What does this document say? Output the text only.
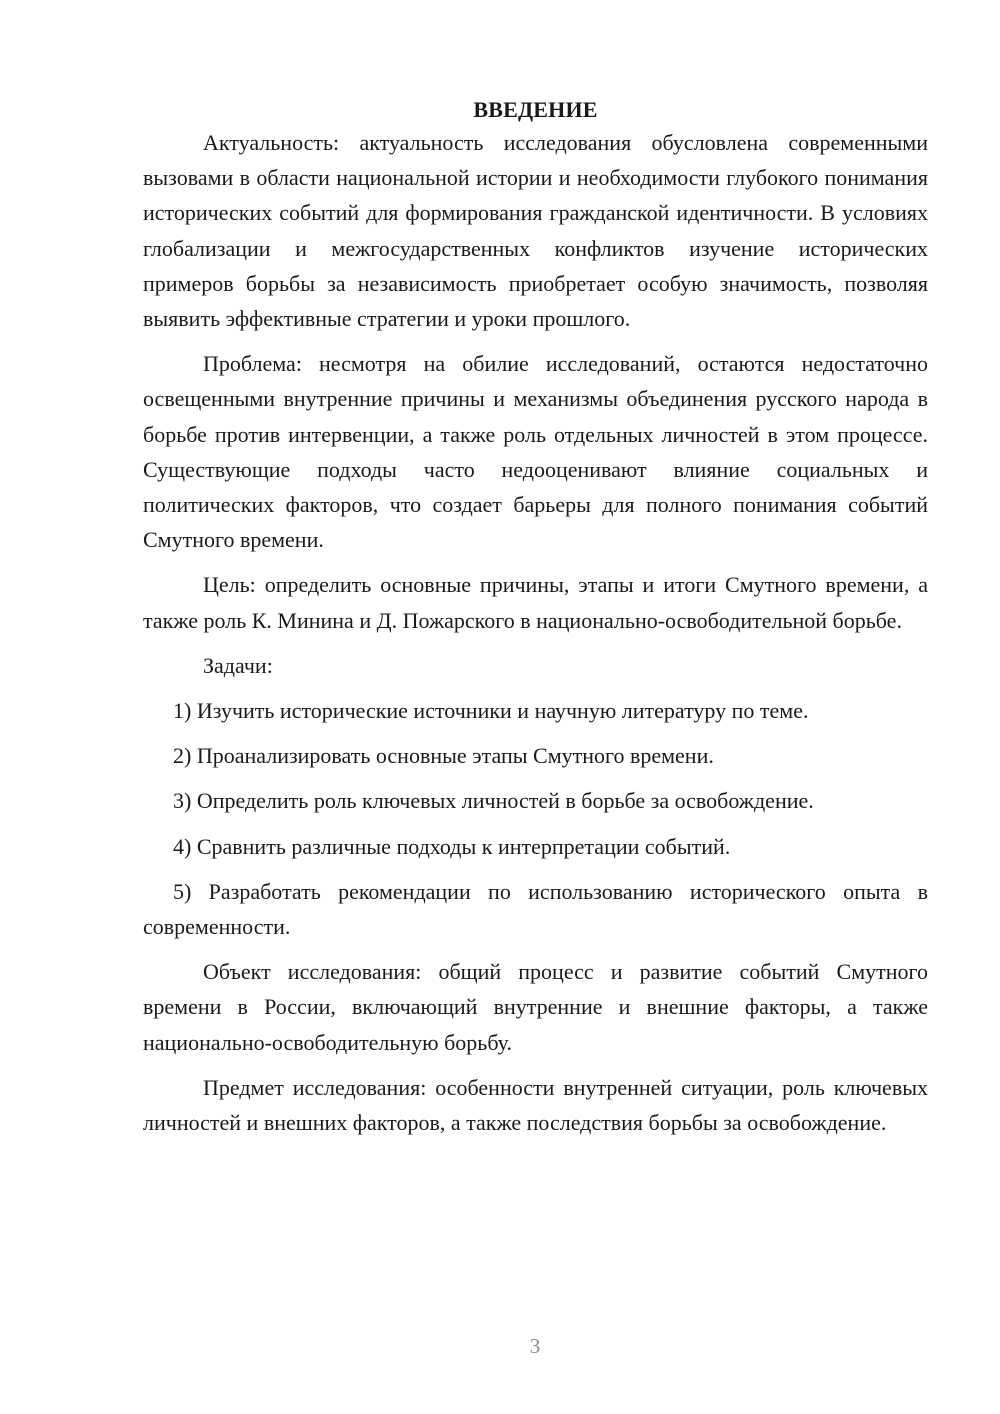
ВВЕДЕНИЕ

Актуальность: актуальность исследования обусловлена современными вызовами в области национальной истории и необходимости глубокого понимания исторических событий для формирования гражданской идентичности. В условиях глобализации и межгосударственных конфликтов изучение исторических примеров борьбы за независимость приобретает особую значимость, позволяя выявить эффективные стратегии и уроки прошлого.

Проблема: несмотря на обилие исследований, остаются недостаточно освещенными внутренние причины и механизмы объединения русского народа в борьбе против интервенции, а также роль отдельных личностей в этом процессе. Существующие подходы часто недооценивают влияние социальных и политических факторов, что создает барьеры для полного понимания событий Смутного времени.

Цель: определить основные причины, этапы и итоги Смутного времени, а также роль К. Минина и Д. Пожарского в национально-освободительной борьбе.

Задачи:

1) Изучить исторические источники и научную литературу по теме.

2) Проанализировать основные этапы Смутного времени.

3) Определить роль ключевых личностей в борьбе за освобождение.

4) Сравнить различные подходы к интерпретации событий.

5) Разработать рекомендации по использованию исторического опыта в современности.

Объект исследования: общий процесс и развитие событий Смутного времени в России, включающий внутренние и внешние факторы, а также национально-освободительную борьбу.

Предмет исследования: особенности внутренней ситуации, роль ключевых личностей и внешних факторов, а также последствия борьбы за освобождение.

3
